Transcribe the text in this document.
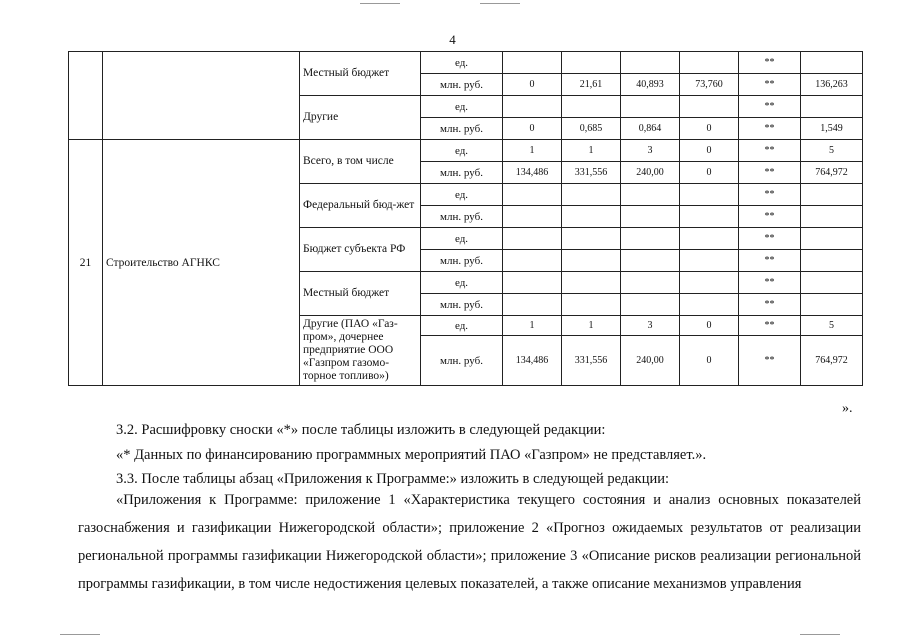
4
		Местный бюджет	ед.					**	
			млн. руб.	0	21,61	40,893	73,760	**	136,263
		Другие	ед.					**	
			млн. руб.	0	0,685	0,864	0	**	1,549
21	Строительство АГНКС	Всего, в том числе	ед.	1	1	3	0	**	5
			млн. руб.	134,486	331,556	240,00	0	**	764,972
		Федеральный бюд-жет	ед.					**	
			млн. руб.					**	
		Бюджет субъекта РФ	ед.					**	
			млн. руб.					**	
		Местный бюджет	ед.					**	
			млн. руб.					**	
		Другие (ПАО «Газ-пром», дочернее предприятие ООО «Газпром газомо-торное топливо»)	ед.	1	1	3	0	**	5
			млн. руб.	134,486	331,556	240,00	0	**	764,972
».

3.2. Расшифровку сноски «*» после таблицы изложить в следующей редакции:

«* Данных по финансированию программных мероприятий ПАО «Газпром» не представляет.».

3.3. После таблицы абзац «Приложения к Программе:» изложить в следующей редакции:

«Приложения к Программе: приложение 1 «Характеристика текущего состояния и анализ основных показателей газоснабжения и газификации Нижегородской области»; приложение 2 «Прогноз ожидаемых результатов от реализации региональной программы газификации Нижегородской области»; приложение 3 «Описание рисков реализации региональной программы газификации, в том числе недостижения целевых показателей, а также описание механизмов управления
